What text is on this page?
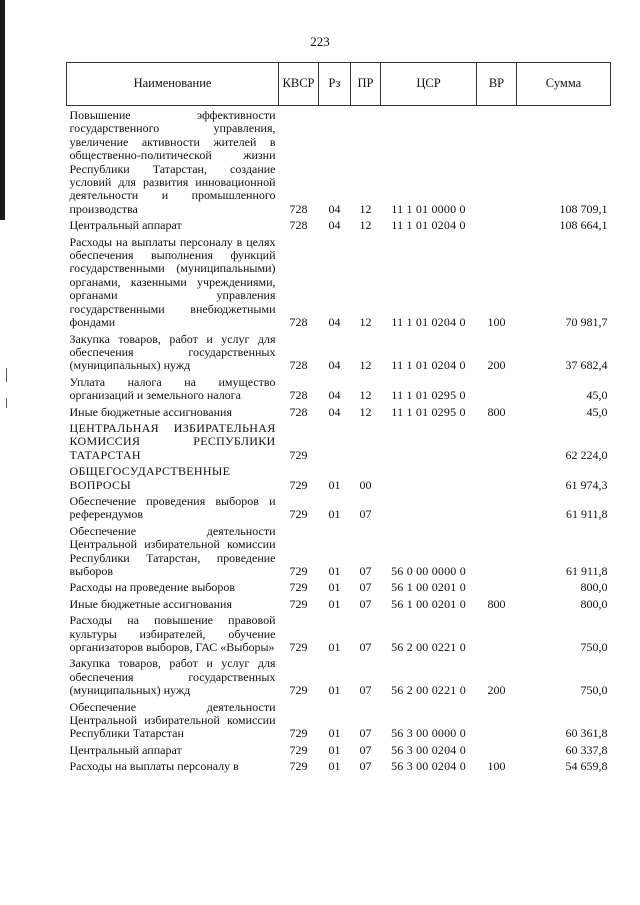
223
Наименование	КВСР	Рз	ПР	ЦСР	ВР	Сумма
Повышение эффективности государственного управления, увеличение активности жителей в общественно-политической жизни Республики Татарстан, создание условий для развития инновационной деятельности и промышленного производства	728	04	12	11 1 01 0000 0		108 709,1
Центральный аппарат	728	04	12	11 1 01 0204 0		108 664,1
Расходы на выплаты персоналу в целях обеспечения выполнения функций государственными (муниципальными) органами, казенными учреждениями, органами управления государственными внебюджетными фондами	728	04	12	11 1 01 0204 0	100	70 981,7
Закупка товаров, работ и услуг для обеспечения государственных (муниципальных) нужд	728	04	12	11 1 01 0204 0	200	37 682,4
Уплата налога на имущество организаций и земельного налога	728	04	12	11 1 01 0295 0		45,0
Иные бюджетные ассигнования	728	04	12	11 1 01 0295 0	800	45,0
ЦЕНТРАЛЬНАЯ ИЗБИРАТЕЛЬНАЯ КОМИССИЯ РЕСПУБЛИКИ ТАТАРСТАН	729					62 224,0
ОБЩЕГОСУДАРСТВЕННЫЕ ВОПРОСЫ	729	01	00			61 974,3
Обеспечение проведения выборов и референдумов	729	01	07			61 911,8
Обеспечение деятельности Центральной избирательной комиссии Республики Татарстан, проведение выборов	729	01	07	56 0 00 0000 0		61 911,8
Расходы на проведение выборов	729	01	07	56 1 00 0201 0		800,0
Иные бюджетные ассигнования	729	01	07	56 1 00 0201 0	800	800,0
Расходы на повышение правовой культуры избирателей, обучение организаторов выборов, ГАС «Выборы»	729	01	07	56 2 00 0221 0		750,0
Закупка товаров, работ и услуг для обеспечения государственных (муниципальных) нужд	729	01	07	56 2 00 0221 0	200	750,0
Обеспечение деятельности Центральной избирательной комиссии Республики Татарстан	729	01	07	56 3 00 0000 0		60 361,8
Центральный аппарат	729	01	07	56 3 00 0204 0		60 337,8
Расходы на выплаты персоналу в	729	01	07	56 3 00 0204 0	100	54 659,8
